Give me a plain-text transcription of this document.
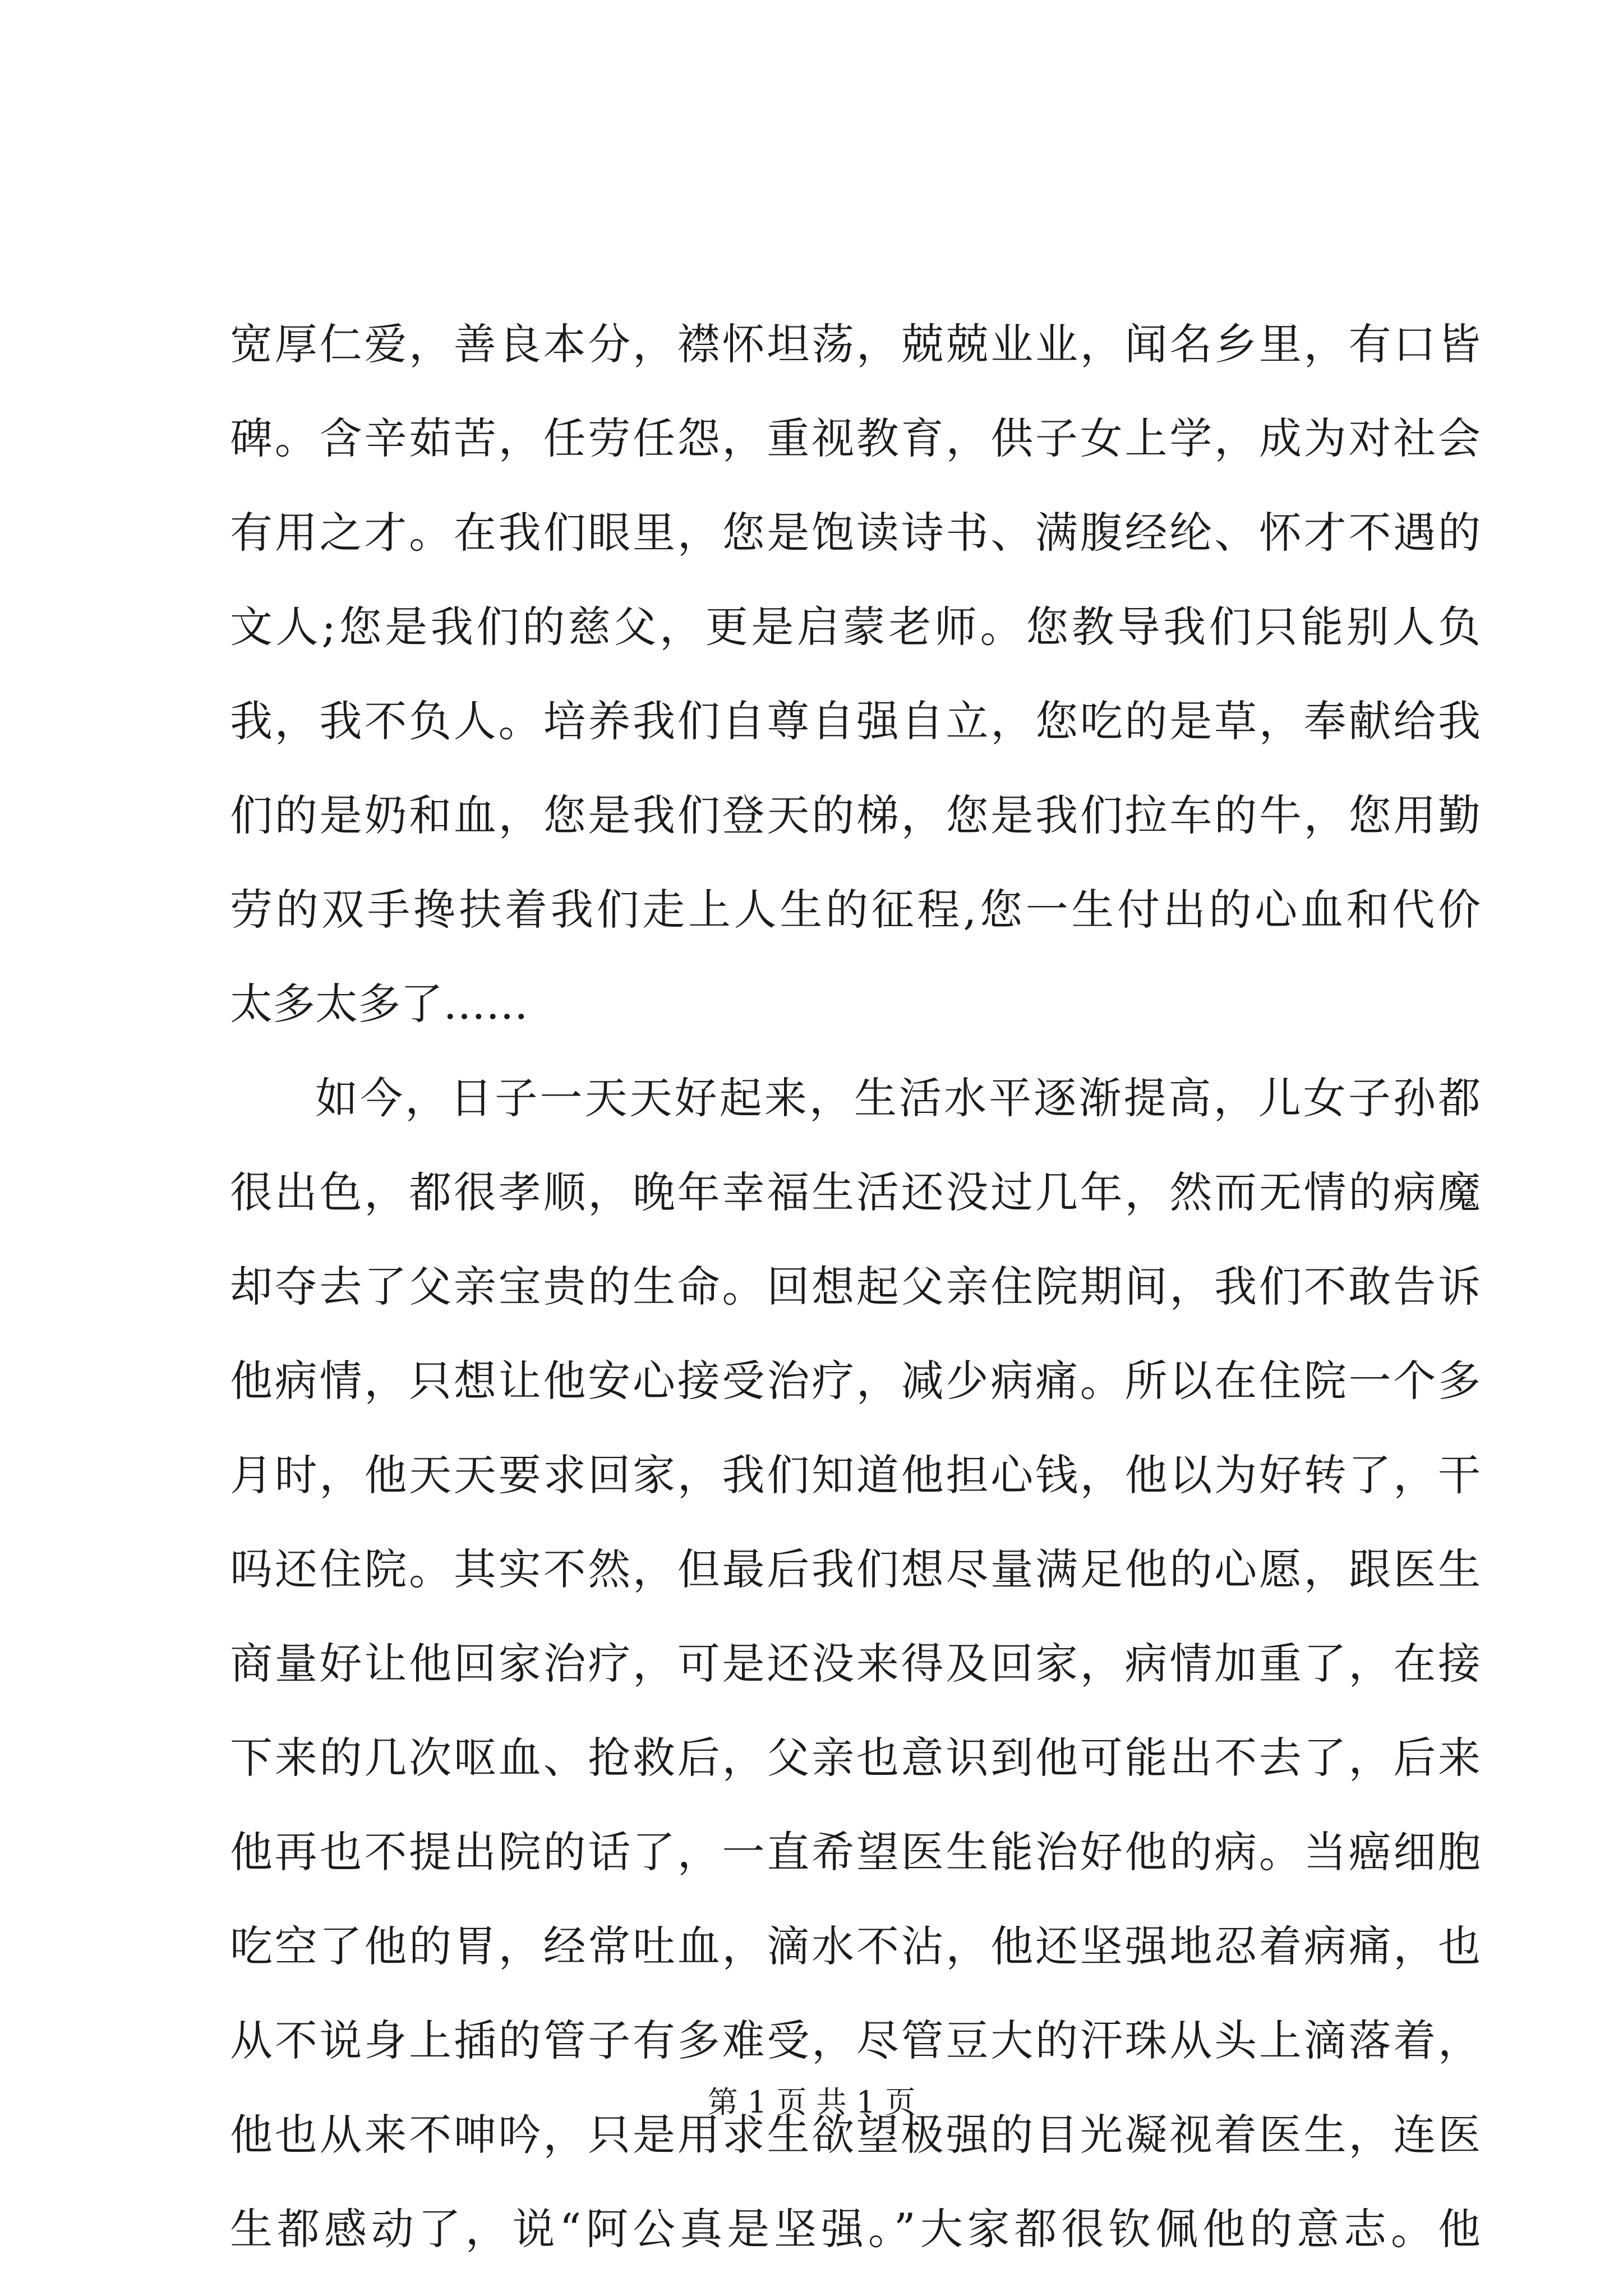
宽厚仁爱，善良本分，襟怀坦荡，兢兢业业，闻名乡里，有口皆
碑。含辛茹苦，任劳任怨，重视教育，供子女上学，成为对社会
有用之才。在我们眼里，您是饱读诗书、满腹经纶、怀才不遇的
文人;您是我们的慈父，更是启蒙老师。您教导我们只能别人负
我，我不负人。培养我们自尊自强自立，您吃的是草，奉献给我
们的是奶和血，您是我们登天的梯，您是我们拉车的牛，您用勤
劳的双手搀扶着我们走上人生的征程,您一生付出的心血和代价
太多太多了……
如今，日子一天天好起来，生活水平逐渐提高，儿女子孙都
很出色，都很孝顺，晚年幸福生活还没过几年，然而无情的病魔
却夺去了父亲宝贵的生命。回想起父亲住院期间，我们不敢告诉
他病情，只想让他安心接受治疗，减少病痛。所以在住院一个多
月时，他天天要求回家，我们知道他担心钱，他以为好转了，干
吗还住院。其实不然，但最后我们想尽量满足他的心愿，跟医生
商量好让他回家治疗，可是还没来得及回家，病情加重了，在接
下来的几次呕血、抢救后，父亲也意识到他可能出不去了，后来
他再也不提出院的话了，一直希望医生能治好他的病。当癌细胞
吃空了他的胃，经常吐血，滴水不沾，他还坚强地忍着病痛，也
从不说身上插的管子有多难受，尽管豆大的汗珠从头上滴落着，
他也从来不呻吟，只是用求生欲望极强的目光凝视着医生，连医
生都感动了，说“阿公真是坚强。”大家都很钦佩他的意志。他
第 1 页 共 1 页
